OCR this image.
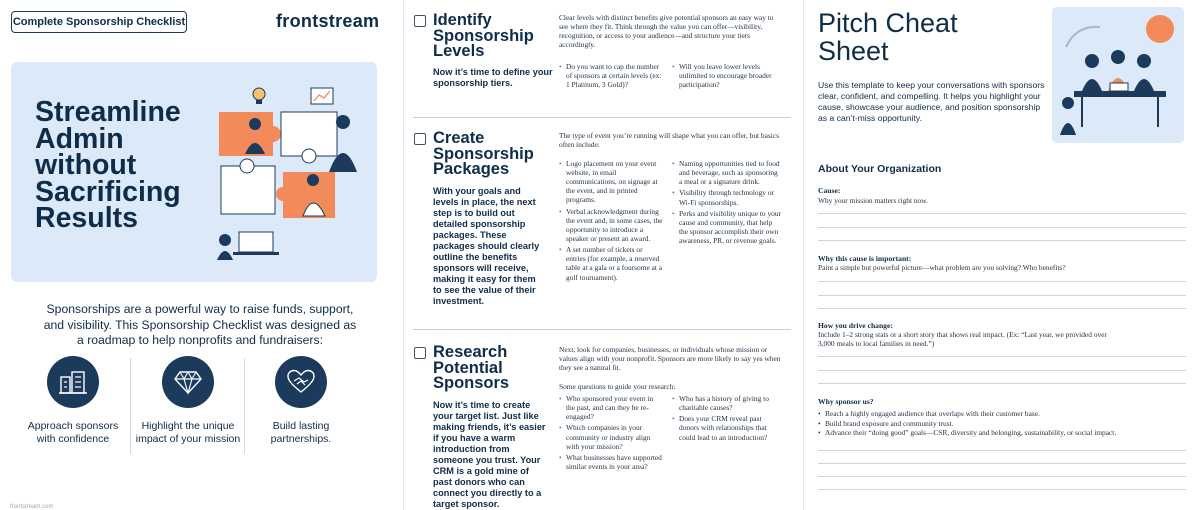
Complete Sponsorship Checklist	frontstream
Streamline Admin without Sacrificing Results
Sponsorships are a powerful way to raise funds, support, and visibility. This Sponsorship Checklist was designed as a roadmap to help nonprofits and fundraisers:
Approach sponsors with confidence
Highlight the unique impact of your mission
Build lasting partnerships.
frontstream.com
Identify Sponsorship Levels
Now it’s time to define your sponsorship tiers.
Clear levels with distinct benefits give potential sponsors an easy way to see where they fit. Think through the value you can offer—visibility, recognition, or access to your audience—and structure your tiers accordingly.
• Do you want to cap the number of sponsors at certain levels (ex: 1 Platinum, 3 Gold)?
• Will you leave lower levels unlimited to encourage broader participation?
Create Sponsorship Packages
With your goals and levels in place, the next step is to build out detailed sponsorship packages. These packages should clearly outline the benefits sponsors will receive, making it easy for them to see the value of their investment.
The type of event you’re running will shape what you can offer, but basics often include:
• Logo placement on your event website, in email communications, on signage at the event, and in printed programs.
• Verbal acknowledgment during the event and, in some cases, the opportunity to introduce a speaker or present an award.
• A set number of tickets or entries (for example, a reserved table at a gala or a foursome at a golf tournament).
• Naming opportunities tied to food and beverage, such as sponsoring a meal or a signature drink.
• Visibility through technology or Wi-Fi sponsorships.
• Perks and visibility unique to your cause and community, that help the sponsor accomplish their own awareness, PR, or revenue goals.
Research Potential Sponsors
Now it’s time to create your target list. Just like making friends, it’s easier if you have a warm introduction from someone you trust. Your CRM is a gold mine of past donors who can connect you directly to a target sponsor.
Next, look for companies, businesses, or individuals whose mission or values align with your nonprofit. Sponsors are more likely to say yes when they see a natural fit.
Some questions to guide your research:
• Who sponsored your event in the past, and can they be re-engaged?
• Which companies in your community or industry align with your mission?
• What businesses have supported similar events in your area?
• Who has a history of giving to charitable causes?
• Does your CRM reveal past donors with relationships that could lead to an introduction?
Pitch Cheat Sheet
Use this template to keep your conversations with sponsors clear, confident, and compelling. It helps you highlight your cause, showcase your audience, and position sponsorship as a can’t-miss opportunity.
About Your Organization
Cause:
Why your mission matters right now.
Why this cause is important:
Paint a simple but powerful picture—what problem are you solving? Who benefits?
How you drive change:
Include 1–2 strong stats or a short story that shows real impact. (Ex: “Last year, we provided over 3,000 meals to local families in need.”)
Why sponsor us?
• Reach a highly engaged audience that overlaps with their customer base.
• Build brand exposure and community trust.
• Advance their “doing good” goals—CSR, diversity and belonging, sustainability, or social impact.
